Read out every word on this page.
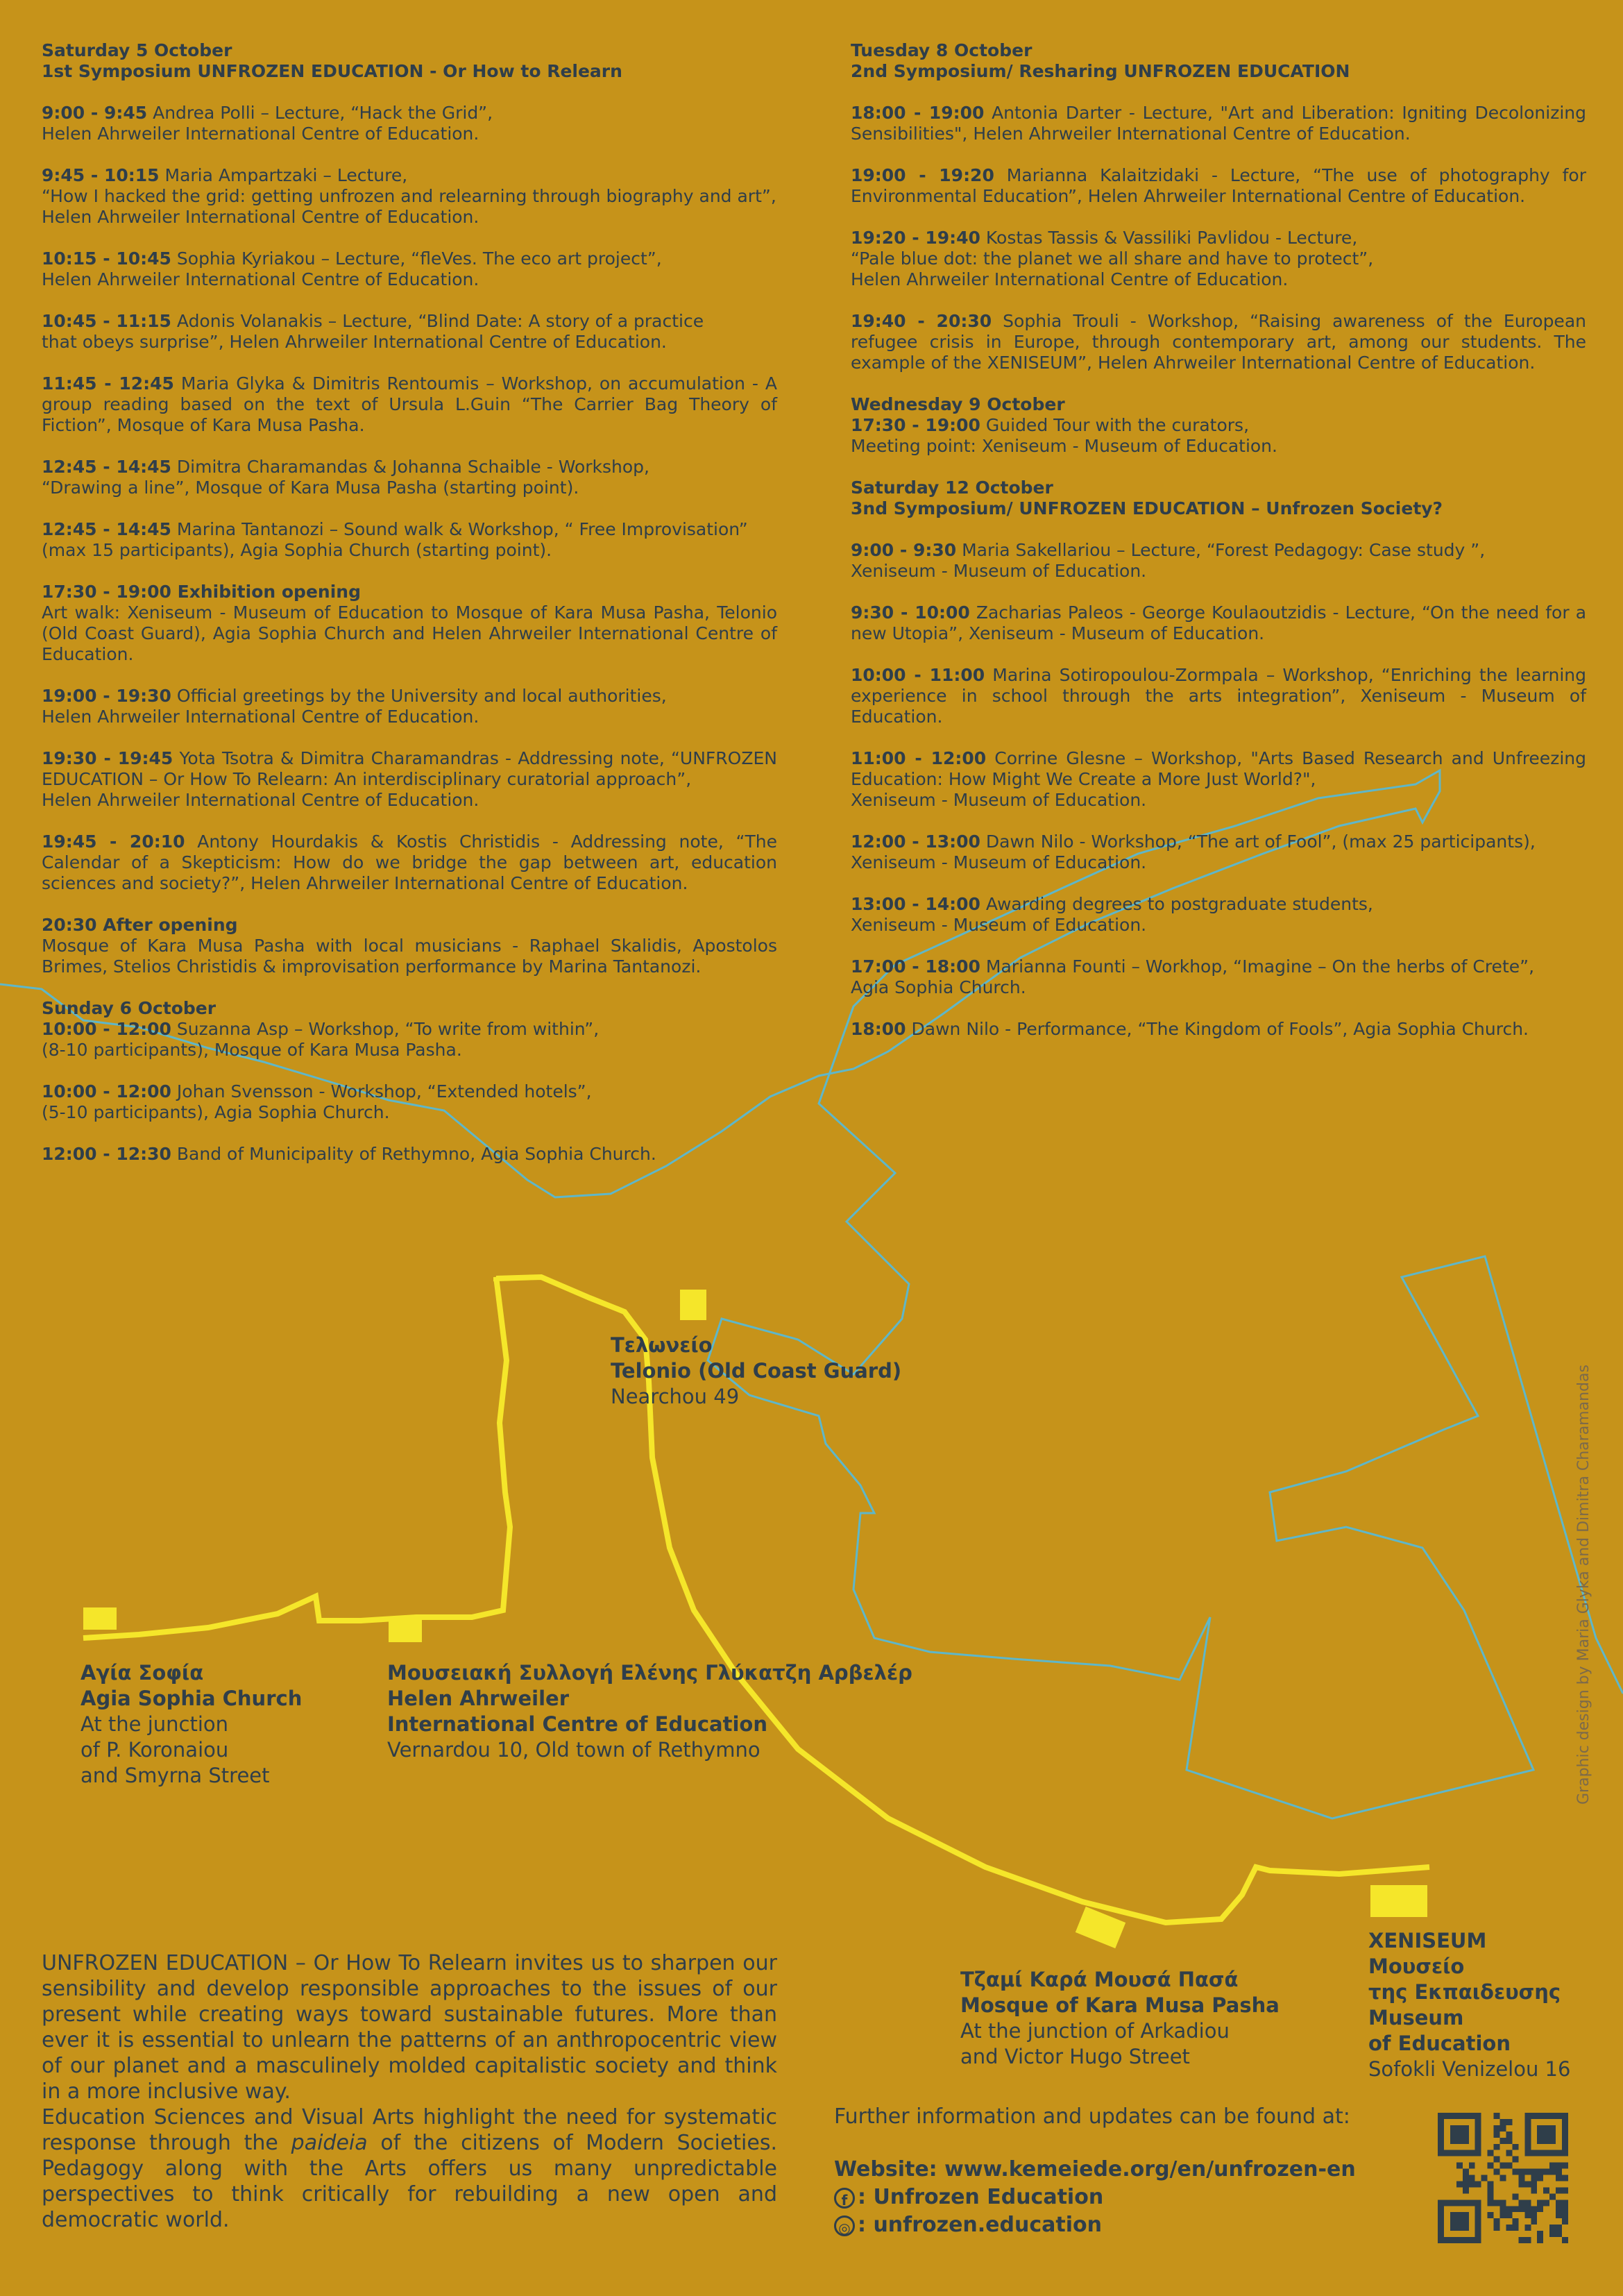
Saturday 5 October
1st Symposium UNFROZEN EDUCATION - Or How to Relearn
9:00 - 9:45 Andrea Polli – Lecture, “Hack the Grid”,
Helen Ahrweiler International Centre of Education.
9:45 - 10:15 Maria Ampartzaki – Lecture,
“How I hacked the grid: getting unfrozen and relearning through biography and art”,
Helen Ahrweiler International Centre of Education.
10:15 - 10:45 Sophia Kyriakou – Lecture, “fleVes. The eco art project”,
Helen Ahrweiler International Centre of Education.
10:45 - 11:15 Adonis Volanakis – Lecture, “Blind Date: A story of a practice
that obeys surprise”, Helen Ahrweiler International Centre of Education.
11:45 - 12:45 Maria Glyka & Dimitris Rentoumis – Workshop, on accumulation - A group reading based on the text of Ursula L.Guin “The Carrier Bag Theory of Fiction”, Mosque of Kara Musa Pasha.
12:45 - 14:45 Dimitra Charamandas & Johanna Schaible - Workshop,
“Drawing a line”, Mosque of Kara Musa Pasha (starting point).
12:45 - 14:45 Marina Tantanozi – Sound walk & Workshop, “ Free Improvisation”
(max 15 participants), Agia Sophia Church (starting point).
17:30 - 19:00 Exhibition opening
Art walk: Xeniseum - Museum of Education to Mosque of Kara Musa Pasha, Telonio (Old Coast Guard), Agia Sophia Church and Helen Ahrweiler International Centre of Education.
19:00 - 19:30 Official greetings by the University and local authorities,
Helen Ahrweiler International Centre of Education.
19:30 - 19:45 Yota Tsotra & Dimitra Charamandras - Addressing note, “UNFROZEN EDUCATION – Or How To Relearn: An interdisciplinary curatorial approach”,
Helen Ahrweiler International Centre of Education.
19:45 - 20:10 Antony Hourdakis & Kostis Christidis - Addressing note, “The Calendar of a Skepticism: How do we bridge the gap between art, education sciences and society?”, Helen Ahrweiler International Centre of Education.
20:30 After opening
Mosque of Kara Musa Pasha with local musicians - Raphael Skalidis, Apostolos Brimes, Stelios Christidis & improvisation performance by Marina Tantanozi.
Sunday 6 October
10:00 - 12:00 Suzanna Asp – Workshop, “To write from within”,
(8-10 participants), Mosque of Kara Musa Pasha.
10:00 - 12:00 Johan Svensson - Workshop, “Extended hotels”,
(5-10 participants), Agia Sophia Church.
12:00 - 12:30 Band of Municipality of Rethymno, Agia Sophia Church.
Tuesday 8 October
2nd Symposium/ Resharing UNFROZEN EDUCATION
18:00 - 19:00 Antonia Darter - Lecture, "Art and Liberation: Igniting Decolonizing Sensibilities", Helen Ahrweiler International Centre of Education.
19:00 - 19:20 Marianna Kalaitzidaki - Lecture, “The use of photography for Environmental Education”, Helen Ahrweiler International Centre of Education.
19:20 - 19:40 Kostas Tassis & Vassiliki Pavlidou - Lecture,
“Pale blue dot: the planet we all share and have to protect”,
Helen Ahrweiler International Centre of Education.
19:40 - 20:30 Sophia Trouli - Workshop, “Raising awareness of the European refugee crisis in Europe, through contemporary art, among our students. The example of the XENISEUM”, Helen Ahrweiler International Centre of Education.
Wednesday 9 October
17:30 - 19:00 Guided Tour with the curators,
Meeting point: Xeniseum - Museum of Education.
Saturday 12 October
3nd Symposium/ UNFROZEN EDUCATION – Unfrozen Society?
9:00 - 9:30 Maria Sakellariou – Lecture, “Forest Pedagogy: Case study ”,
Xeniseum - Museum of Education.
9:30 - 10:00 Zacharias Paleos - George Koulaoutzidis - Lecture, “On the need for a new Utopia”, Xeniseum - Museum of Education.
10:00 - 11:00 Marina Sotiropoulou-Zormpala – Workshop, “Enriching the learning experience in school through the arts integration”, Xeniseum - Museum of Education.
11:00 - 12:00 Corrine Glesne – Workshop, "Arts Based Research and Unfreezing Education: How Might We Create a More Just World?",
Xeniseum - Museum of Education.
12:00 - 13:00 Dawn Nilo - Workshop, “The art of Fool”, (max 25 participants),
Xeniseum - Museum of Education.
13:00 - 14:00 Awarding degrees to postgraduate students,
Xeniseum - Museum of Education.
17:00 - 18:00 Marianna Founti – Workhop, “Imagine – On the herbs of Crete”,
Agia Sophia Church.
18:00 Dawn Nilo - Performance, “The Kingdom of Fools”, Agia Sophia Church.
Τελωνείο
Telonio (Old Coast Guard)
Nearchou 49
Αγία Σοφία
Agia Sophia Church
At the junction
of P. Koronaiou
and Smyrna Street
Μουσειακή Συλλογή Ελένης Γλύκατζη Αρβελέρ
Helen Ahrweiler
International Centre of Education
Vernardou 10, Old town of Rethymno
Τζαμί Καρά Μουσά Πασά
Mosque of Kara Musa Pasha
At the junction of Arkadiou
and Victor Hugo Street
XENISEUM
Μουσείο
της Εκπαιδευσης
Museum
of Education
Sofokli Venizelou 16

UNFROZEN EDUCATION – Or How To Relearn invites us to sharpen our sensibility and develop responsible approaches to the issues of our present while creating ways toward sustainable futures. More than ever it is essential to unlearn the patterns of an anthropocentric view of our planet and a masculinely molded capitalistic society and think in a more inclusive way.

Education Sciences and Visual Arts highlight the need for systematic response through the paideia of the citizens of Modern Societies. Pedagogy along with the Arts offers us many unpredictable perspectives to think critically for rebuilding a new open and democratic world.

Further information and updates can be found at:
Website: www.kemeiede.org/en/unfrozen-en
f : Unfrozen Education
◎ : unfrozen.education
Graphic design by Maria Glyka and Dimitra Charamandas
